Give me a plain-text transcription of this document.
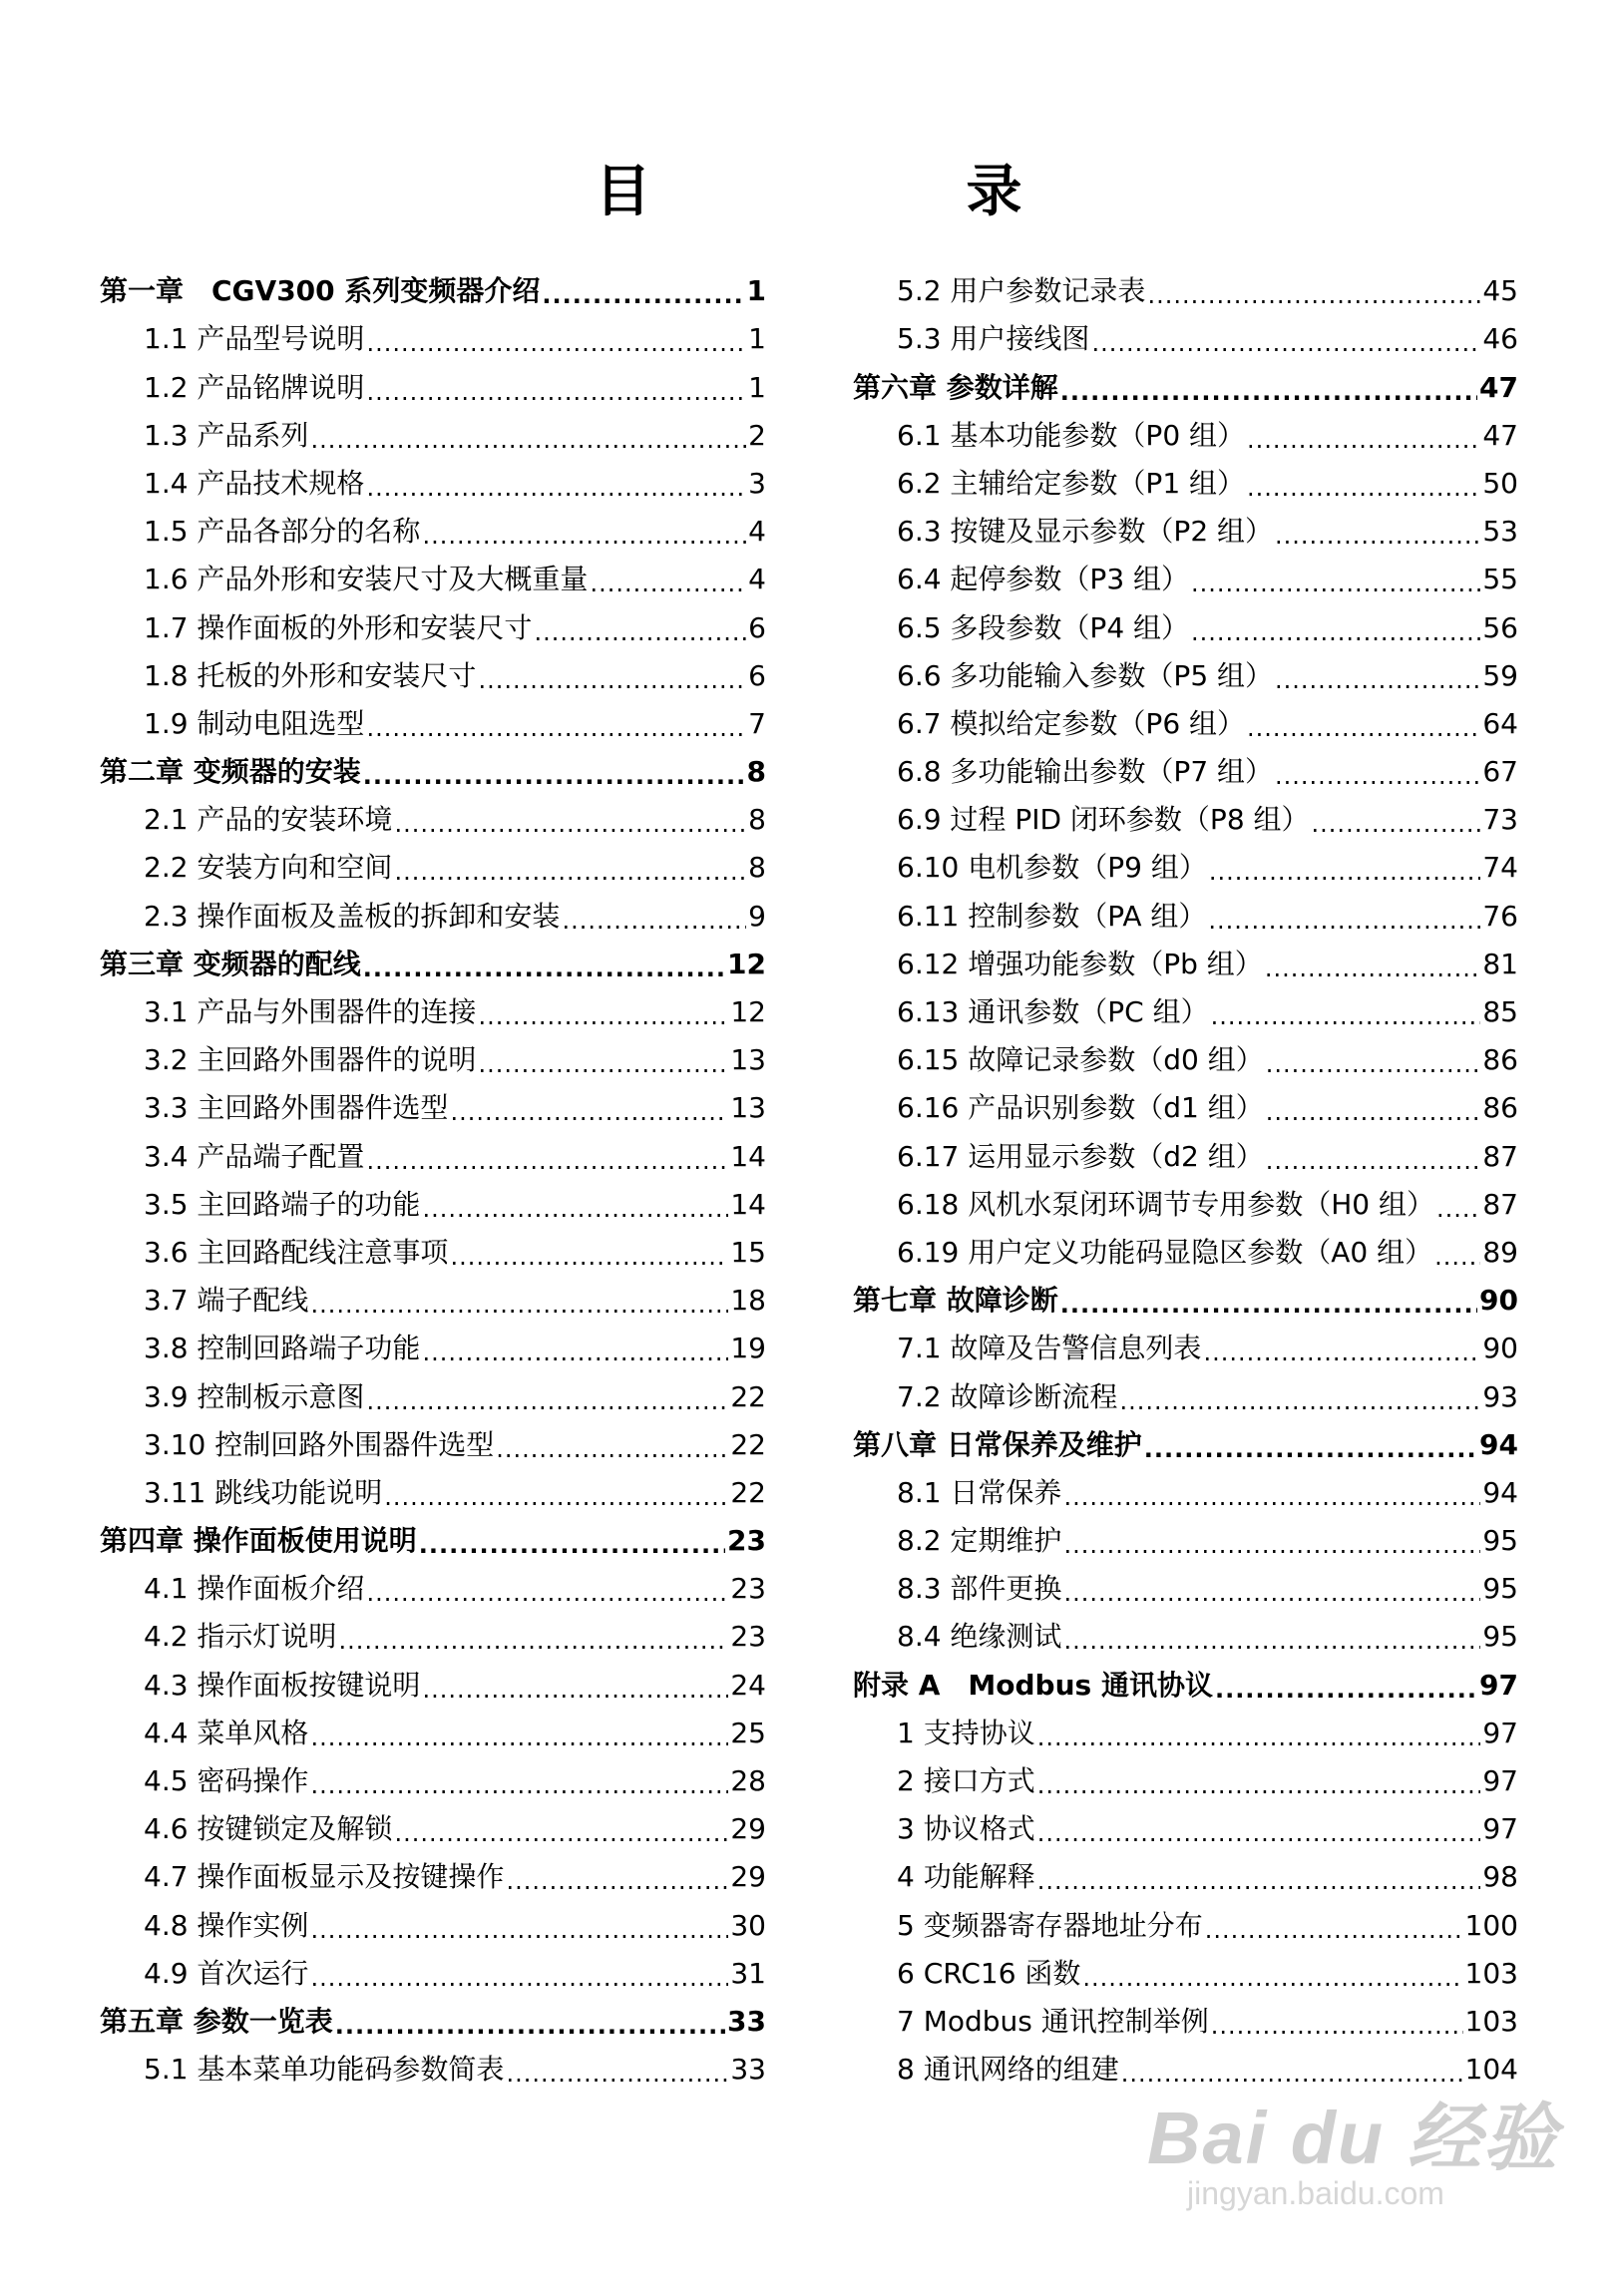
目　录
第一章　CGV300 系列变频器介绍 .....	1
1.1 产品型号说明 .....	1
1.2 产品铭牌说明 .....	1
1.3 产品系列 .....	2
1.4 产品技术规格 .....	3
1.5 产品各部分的名称 .....	4
1.6 产品外形和安装尺寸及大概重量 .....	4
1.7 操作面板的外形和安装尺寸 .....	6
1.8 托板的外形和安装尺寸 .....	6
1.9 制动电阻选型 .....	7
第二章 变频器的安装 .....	8
2.1 产品的安装环境 .....	8
2.2 安装方向和空间 .....	8
2.3 操作面板及盖板的拆卸和安装 .....	9
第三章 变频器的配线 .....	12
3.1 产品与外围器件的连接 .....	12
3.2 主回路外围器件的说明 .....	13
3.3 主回路外围器件选型 .....	13
3.4 产品端子配置 .....	14
3.5 主回路端子的功能 .....	14
3.6 主回路配线注意事项 .....	15
3.7 端子配线 .....	18
3.8 控制回路端子功能 .....	19
3.9 控制板示意图 .....	22
3.10 控制回路外围器件选型 .....	22
3.11 跳线功能说明 .....	22
第四章 操作面板使用说明 .....	23
4.1 操作面板介绍 .....	23
4.2 指示灯说明 .....	23
4.3 操作面板按键说明 .....	24
4.4 菜单风格 .....	25
4.5 密码操作 .....	28
4.6 按键锁定及解锁 .....	29
4.7 操作面板显示及按键操作 .....	29
4.8 操作实例 .....	30
4.9 首次运行 .....	31
第五章 参数一览表 .....	33
5.1 基本菜单功能码参数简表 .....	33
5.2 用户参数记录表 .....	45
5.3 用户接线图 .....	46
第六章 参数详解 .....	47
6.1 基本功能参数（P0 组） .....	47
6.2 主辅给定参数（P1 组） .....	50
6.3 按键及显示参数（P2 组） .....	53
6.4 起停参数（P3 组） .....	55
6.5 多段参数（P4 组） .....	56
6.6 多功能输入参数（P5 组） .....	59
6.7 模拟给定参数（P6 组） .....	64
6.8 多功能输出参数（P7 组） .....	67
6.9 过程 PID 闭环参数（P8 组） .....	73
6.10 电机参数（P9 组） .....	74
6.11 控制参数（PA 组） .....	76
6.12 增强功能参数（Pb 组） .....	81
6.13 通讯参数（PC 组） .....	85
6.15 故障记录参数（d0 组） .....	86
6.16 产品识别参数（d1 组） .....	86
6.17 运用显示参数（d2 组） .....	87
6.18 风机水泵闭环调节专用参数（H0 组） ..... 87
6.19 用户定义功能码显隐区参数（A0 组） ..... 89
第七章 故障诊断 .....	90
7.1 故障及告警信息列表 .....	90
7.2 故障诊断流程 .....	93
第八章 日常保养及维护 .....	94
8.1 日常保养 .....	94
8.2 定期维护 .....	95
8.3 部件更换 .....	95
8.4 绝缘测试 .....	95
附录 A　Modbus 通讯协议 .....	97
1 支持协议 .....	97
2 接口方式 .....	97
3 协议格式 .....	97
4 功能解释 .....	98
5 变频器寄存器地址分布 .....	100
6 CRC16 函数 .....	103
7 Modbus 通讯控制举例 .....	103
8 通讯网络的组建 .....	104
Bai du 经验
jingyan.baidu.com
